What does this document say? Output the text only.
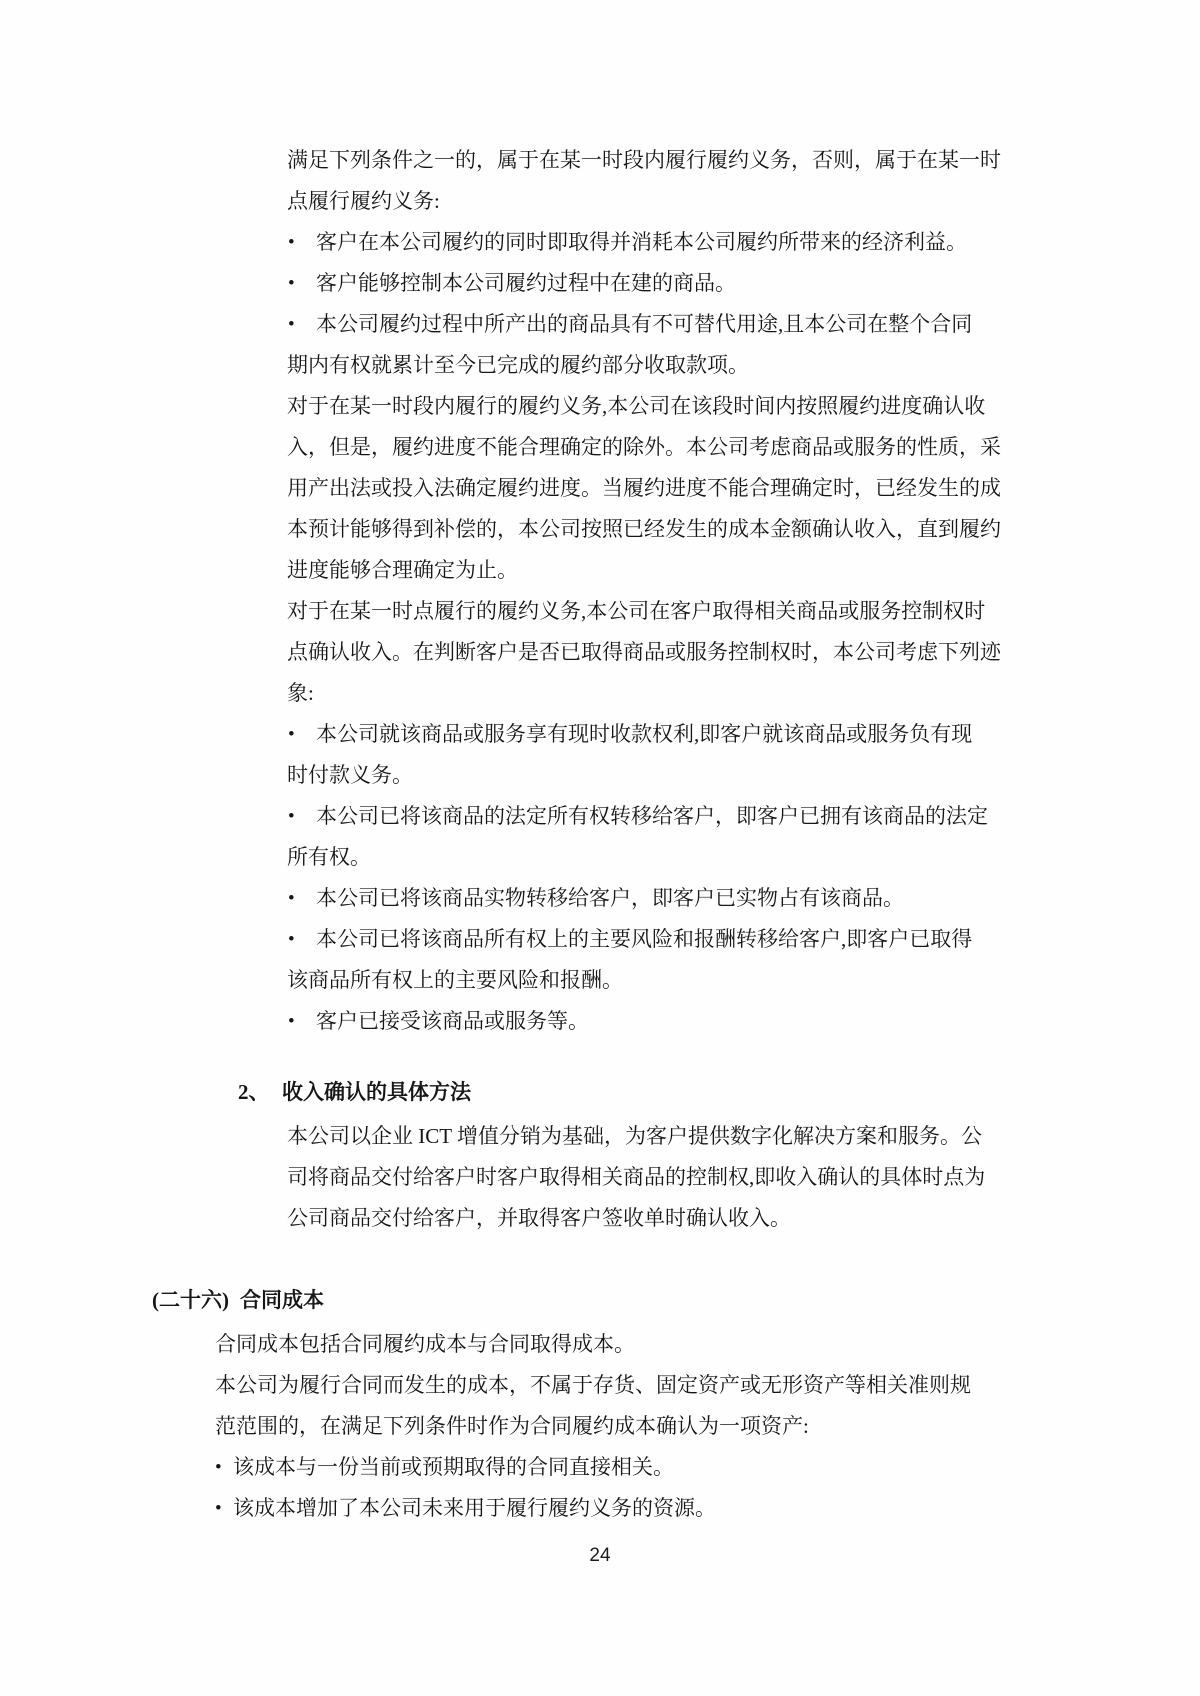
满足下列条件之一的，属于在某一时段内履行履约义务，否则，属于在某一时
点履行履约义务:
•	客户在本公司履约的同时即取得并消耗本公司履约所带来的经济利益。
•	客户能够控制本公司履约过程中在建的商品。
•	本公司履约过程中所产出的商品具有不可替代用途,且本公司在整个合同
期内有权就累计至今已完成的履约部分收取款项。
对于在某一时段内履行的履约义务,本公司在该段时间内按照履约进度确认收
入，但是，履约进度不能合理确定的除外。本公司考虑商品或服务的性质，采
用产出法或投入法确定履约进度。当履约进度不能合理确定时，已经发生的成
本预计能够得到补偿的，本公司按照已经发生的成本金额确认收入，直到履约
进度能够合理确定为止。
对于在某一时点履行的履约义务,本公司在客户取得相关商品或服务控制权时
点确认收入。在判断客户是否已取得商品或服务控制权时，本公司考虑下列迹
象:
•	本公司就该商品或服务享有现时收款权利,即客户就该商品或服务负有现
时付款义务。
•	本公司已将该商品的法定所有权转移给客户，即客户已拥有该商品的法定
所有权。
•	本公司已将该商品实物转移给客户，即客户已实物占有该商品。
•	本公司已将该商品所有权上的主要风险和报酬转移给客户,即客户已取得
该商品所有权上的主要风险和报酬。
•	客户已接受该商品或服务等。
2、 收入确认的具体方法
本公司以企业 ICT 增值分销为基础，为客户提供数字化解决方案和服务。公
司将商品交付给客户时客户取得相关商品的控制权,即收入确认的具体时点为
公司商品交付给客户，并取得客户签收单时确认收入。
(二十六) 合同成本
合同成本包括合同履约成本与合同取得成本。
本公司为履行合同而发生的成本，不属于存货、固定资产或无形资产等相关准则规
范范围的，在满足下列条件时作为合同履约成本确认为一项资产:
• 该成本与一份当前或预期取得的合同直接相关。
• 该成本增加了本公司未来用于履行履约义务的资源。
24
